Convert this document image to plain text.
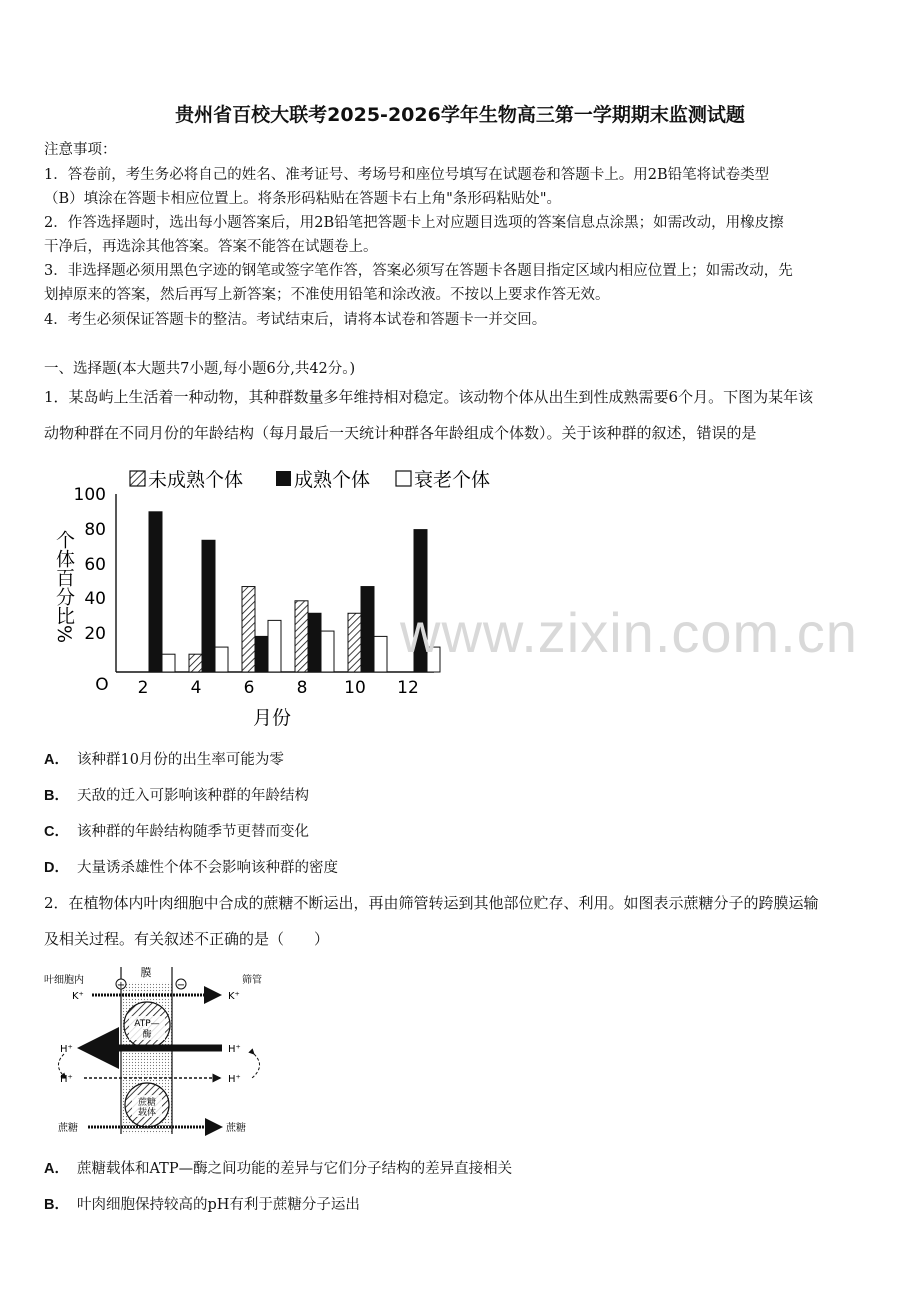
贵州省百校大联考2025-2026学年生物高三第一学期期末监测试题
注意事项：
1．答卷前，考生务必将自己的姓名、准考证号、考场号和座位号填写在试题卷和答题卡上。用2B铅笔将试卷类型
（B）填涂在答题卡相应位置上。将条形码粘贴在答题卡右上角"条形码粘贴处"。
2．作答选择题时，选出每小题答案后，用2B铅笔把答题卡上对应题目选项的答案信息点涂黑；如需改动，用橡皮擦
干净后，再选涂其他答案。答案不能答在试题卷上。
3．非选择题必须用黑色字迹的钢笔或签字笔作答，答案必须写在答题卡各题目指定区域内相应位置上；如需改动，先
划掉原来的答案，然后再写上新答案；不准使用铅笔和涂改液。不按以上要求作答无效。
4．考生必须保证答题卡的整洁。考试结束后，请将本试卷和答题卡一并交回。
一、选择题(本大题共7小题,每小题6分,共42分。)
1．某岛屿上生活着一种动物，其种群数量多年维持相对稳定。该动物个体从出生到性成熟需要6个月。下图为某年该
动物种群在不同月份的年龄结构（每月最后一天统计种群各年龄组成个体数）。关于该种群的叙述，错误的是
未成熟个体	成熟个体 衰老个体
100
80
60
40
20
O
个体百分比%
2 4 6 8 10 12
月份
www.zixin.com.cn
A． 该种群10月份的出生率可能为零
B． 天敌的迁入可影响该种群的年龄结构
C． 该种群的年龄结构随季节更替而变化
D． 大量诱杀雄性个体不会影响该种群的密度
2．在植物体内叶肉细胞中合成的蔗糖不断运出，再由筛管转运到其他部位贮存、利用。如图表示蔗糖分子的跨膜运输
及相关过程。有关叙述不正确的是（　　）
膜
叶细胞内	筛管
+	−
K⁺	K⁺
ATP—
酶
H⁺	H⁺
H⁺	H⁺
蔗糖
载体
蔗糖	蔗糖
A． 蔗糖载体和ATP—酶之间功能的差异与它们分子结构的差异直接相关
B． 叶肉细胞保持较高的pH有利于蔗糖分子运出
